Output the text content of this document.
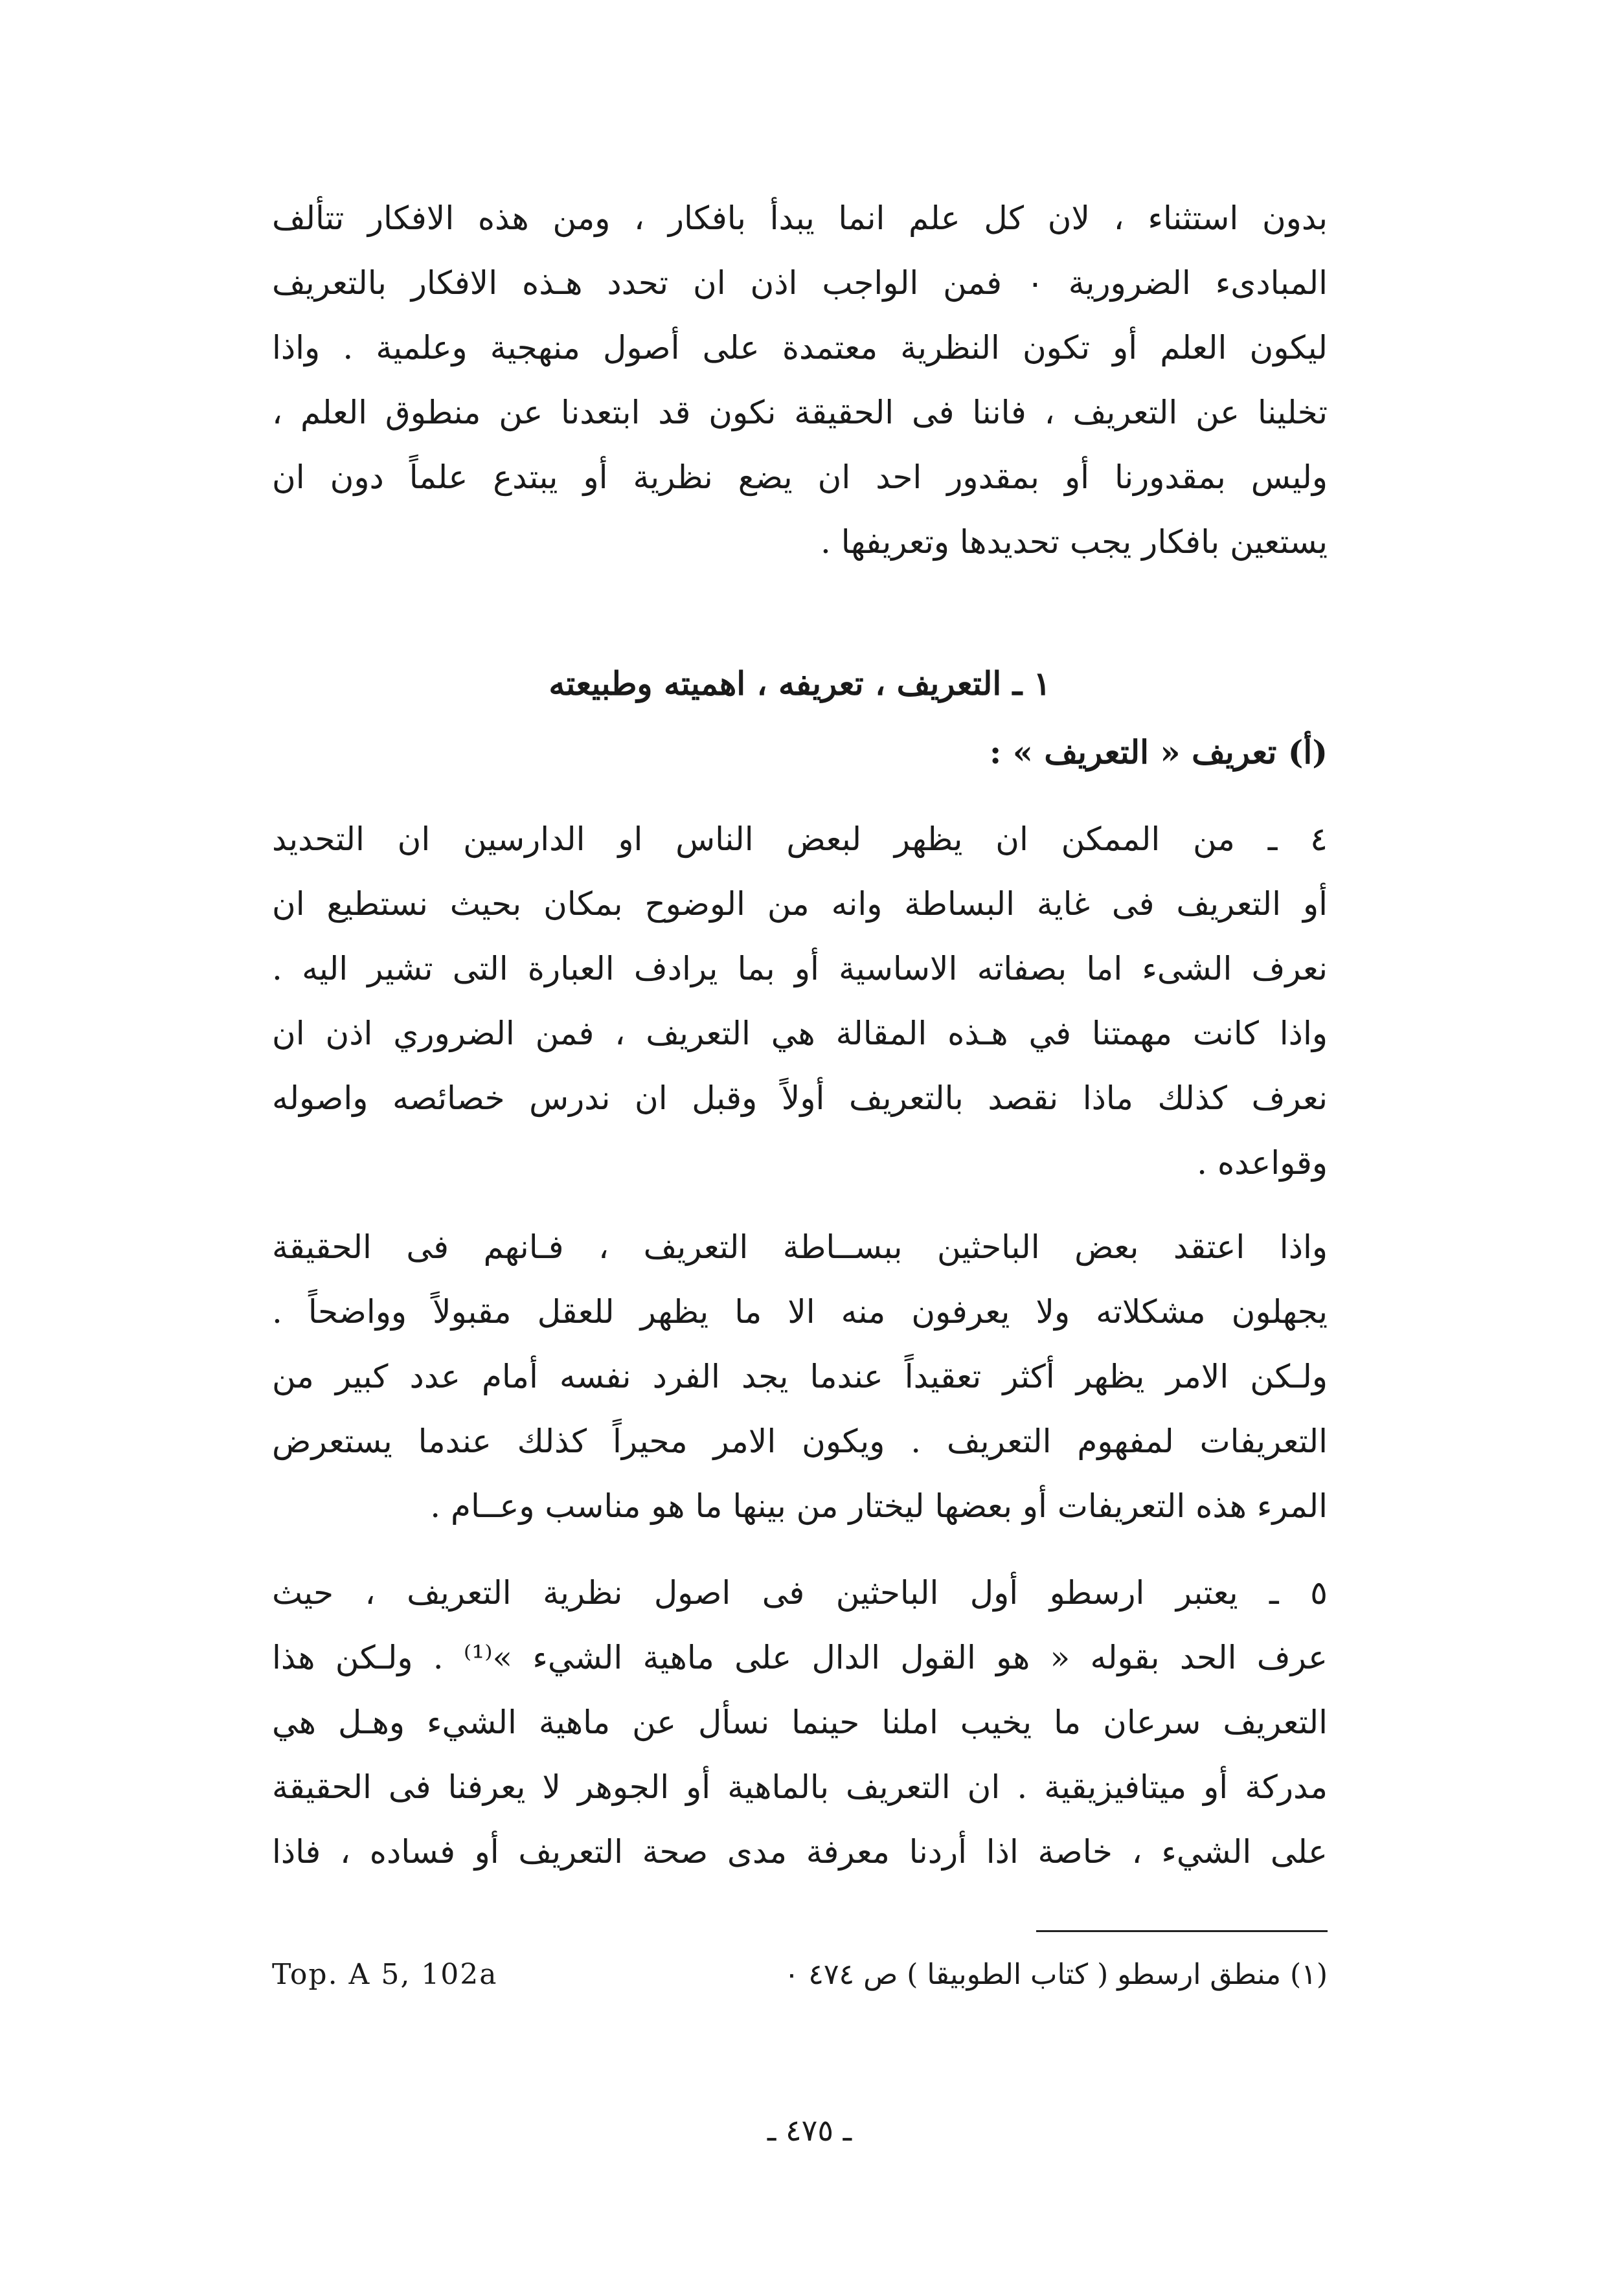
بدون استثناء ، لان كل علم انما يبدأ بافكار ، ومن هذه الافكار تتألف
المبادىء الضرورية ٠ فمن الواجب اذن ان تحدد هـذه الافكار بالتعريف
ليكون العلم أو تكون النظرية معتمدة على أصول منهجية وعلمية . واذا
تخلينا عن التعريف ، فاننا فى الحقيقة نكون قد ابتعدنا عن منطوق العلم ،
وليس بمقدورنا أو بمقدور احد ان يضع نظرية أو يبتدع علماً دون ان
يستعين بافكار يجب تحديدها وتعريفها .
١ ـ التعريف ، تعريفه ، اهميته وطبيعته
(أ) تعريف « التعريف » :
٤ ـ من الممكن ان يظهر لبعض الناس او الدارسين ان التحديد
أو التعريف فى غاية البساطة وانه من الوضوح بمكان بحيث نستطيع ان
نعرف الشىء اما بصفاته الاساسية أو بما يرادف العبارة التى تشير اليه .
واذا كانت مهمتنا في هـذه المقالة هي التعريف ، فمن الضروري اذن ان
نعرف كذلك ماذا نقصد بالتعريف أولاً وقبل ان ندرس خصائصه واصوله
وقواعده .
واذا اعتقد بعض الباحثين ببســاطة التعريف ، فـانهم فى الحقيقة
يجهلون مشكلاته ولا يعرفون منه الا ما يظهر للعقل مقبولاً وواضحاً .
ولـكن الامر يظهر أكثر تعقيداً عندما يجد الفرد نفسه أمام عدد كبير من
التعريفات لمفهوم التعريف . ويكون الامر محيراً كذلك عندما يستعرض
المرء هذه التعريفات أو بعضها ليختار من بينها ما هو مناسب وعــام .
٥ ـ يعتبر ارسطو أول الباحثين فى اصول نظرية التعريف ، حيث
عرف الحد بقوله « هو القول الدال على ماهية الشيء »⁽¹⁾ . ولـكن هذا
التعريف سرعان ما يخيب املنا حينما نسأل عن ماهية الشيء وهـل هي
مدركة أو ميتافيزيقية . ان التعريف بالماهية أو الجوهر لا يعرفنا فى الحقيقة
على الشيء ، خاصة اذا أردنا معرفة مدى صحة التعريف أو فساده ، فاذا
(١) منطق ارسطو ( كتاب الطوبيقا ) ص ٤٧٤ ٠
Top. A 5, 102a
ـ ٤٧٥ ـ
